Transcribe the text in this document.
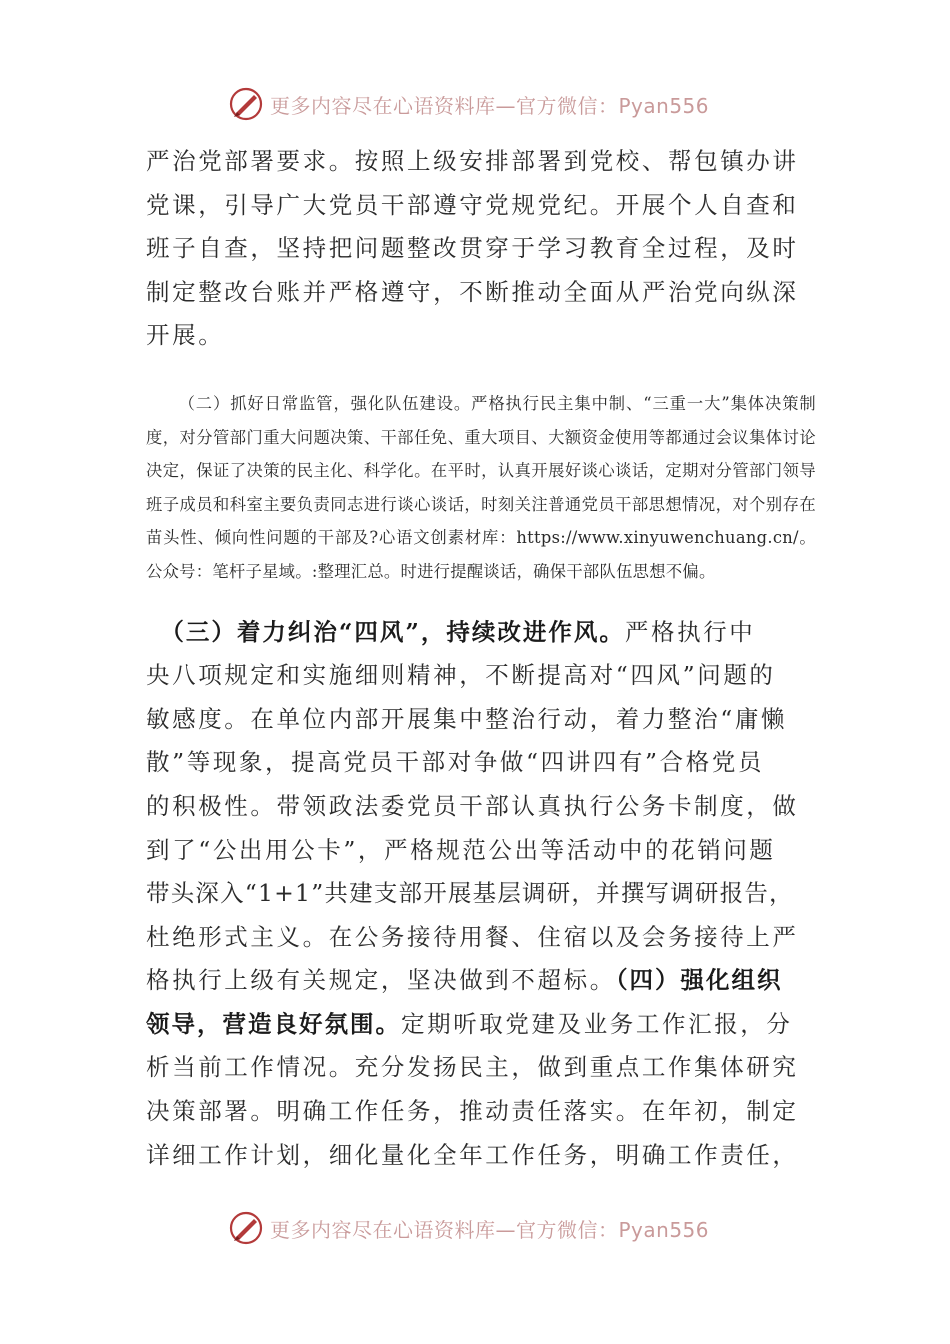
更多内容尽在心语资料库—官方微信：Pyan556

严治党部署要求。按照上级安排部署到党校、帮包镇办讲
党课，引导广大党员干部遵守党规党纪。开展个人自查和
班子自查，坚持把问题整改贯穿于学习教育全过程，及时
制定整改台账并严格遵守，不断推动全面从严治党向纵深
开展。

（二）抓好日常监管，强化队伍建设。严格执行民主集中制、“三重一大”集体决策制度，对分管部门重大问题决策、干部任免、重大项目、大额资金使用等都通过会议集体讨论决定，保证了决策的民主化、科学化。在平时，认真开展好谈心谈话，定期对分管部门领导班子成员和科室主要负责同志进行谈心谈话，时刻关注普通党员干部思想情况，对个别存在苗头性、倾向性问题的干部及?心语文创素材库：https://www.xinyuwenchuang.cn/。公众号：笔杆子星域。:整理汇总。时进行提醒谈话，确保干部队伍思想不偏。

　（三）着力纠治“四风”，持续改进作风。严格执行中
央八项规定和实施细则精神，不断提高对“四风”问题的
敏感度。在单位内部开展集中整治行动，着力整治“庸懒
散”等现象，提高党员干部对争做“四讲四有”合格党员
的积极性。带领政法委党员干部认真执行公务卡制度，做
到了“公出用公卡”，严格规范公出等活动中的花销问题
带头深入“1+1”共建支部开展基层调研，并撰写调研报告，
杜绝形式主义。在公务接待用餐、住宿以及会务接待上严
格执行上级有关规定，坚决做到不超标。（四）强化组织
领导，营造良好氛围。定期听取党建及业务工作汇报，分
析当前工作情况。充分发扬民主，做到重点工作集体研究
决策部署。明确工作任务，推动责任落实。在年初，制定
详细工作计划，细化量化全年工作任务，明确工作责任，

更多内容尽在心语资料库—官方微信：Pyan556
